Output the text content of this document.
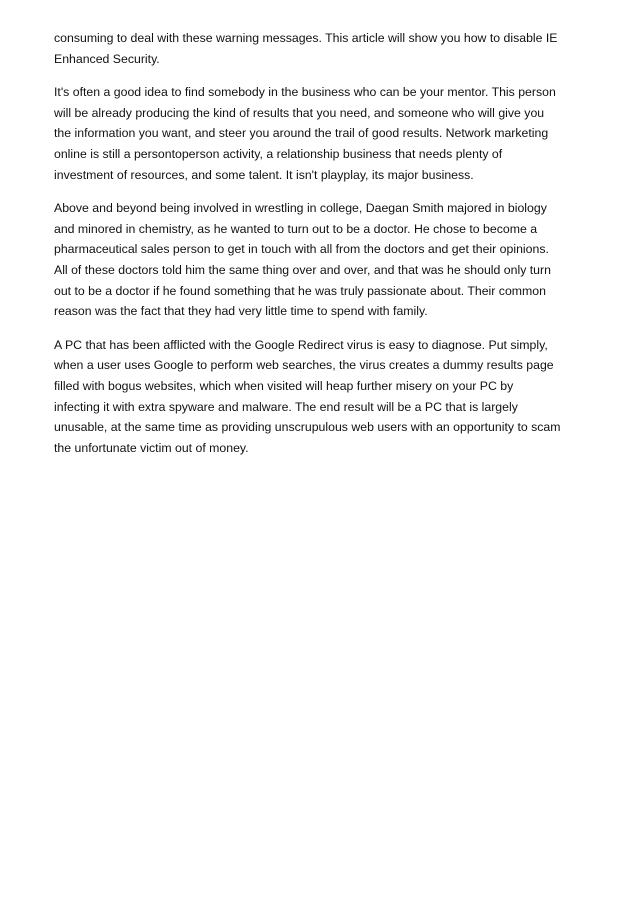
consuming to deal with these warning messages. This article will show you how to disable IE
Enhanced Security.

It's often a good idea to find somebody in the business who can be your mentor. This person
will be already producing the kind of results that you need, and someone who will give you
the information you want, and steer you around the trail of good results. Network marketing
online is still a persontoperson activity, a relationship business that needs plenty of
investment of resources, and some talent. It isn't playplay, its major business.

Above and beyond being involved in wrestling in college, Daegan Smith majored in biology
and minored in chemistry, as he wanted to turn out to be a doctor. He chose to become a
pharmaceutical sales person to get in touch with all from the doctors and get their opinions.
All of these doctors told him the same thing over and over, and that was he should only turn
out to be a doctor if he found something that he was truly passionate about. Their common
reason was the fact that they had very little time to spend with family.

A PC that has been afflicted with the Google Redirect virus is easy to diagnose. Put simply,
when a user uses Google to perform web searches, the virus creates a dummy results page
filled with bogus websites, which when visited will heap further misery on your PC by
infecting it with extra spyware and malware. The end result will be a PC that is largely
unusable, at the same time as providing unscrupulous web users with an opportunity to scam
the unfortunate victim out of money.
